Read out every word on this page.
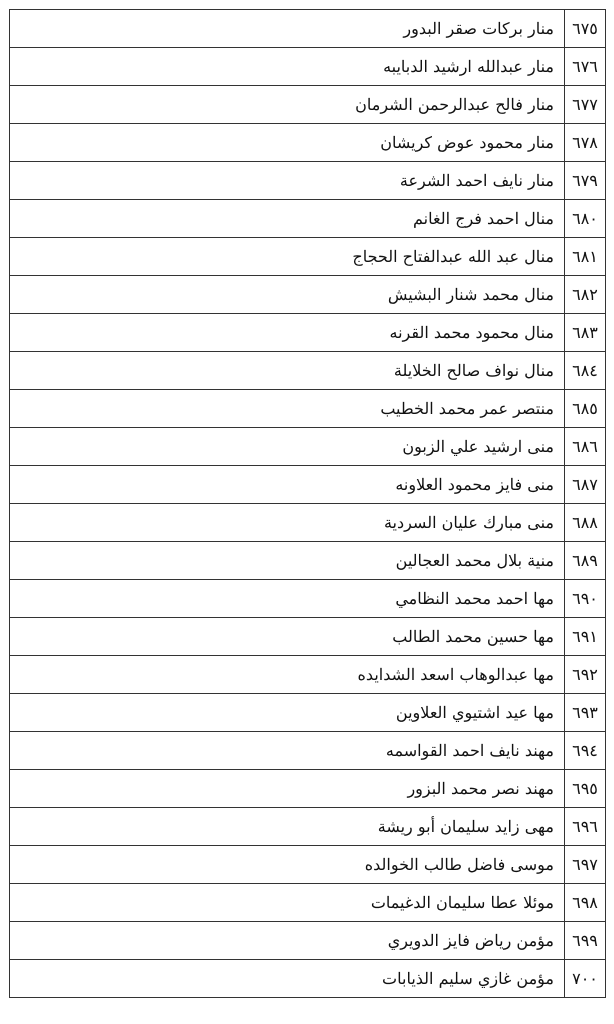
٦٧٥	منار بركات صقر البدور
٦٧٦	منار عبدالله ارشيد الدبايبه
٦٧٧	منار فالح عبدالرحمن الشرمان
٦٧٨	منار محمود عوض كريشان
٦٧٩	منار نايف احمد الشرعة
٦٨٠	منال احمد فرج الغانم
٦٨١	منال عبد الله عبدالفتاح الحجاج
٦٨٢	منال محمد شنار البشيش
٦٨٣	منال محمود محمد القرنه
٦٨٤	منال نواف صالح الخلايلة
٦٨٥	منتصر عمر محمد الخطيب
٦٨٦	منى ارشيد علي الزبون
٦٨٧	منى فايز محمود العلاونه
٦٨٨	منى مبارك عليان السردية
٦٨٩	منية بلال محمد العجالين
٦٩٠	مها احمد محمد النظامي
٦٩١	مها حسين محمد الطالب
٦٩٢	مها عبدالوهاب اسعد الشدايده
٦٩٣	مها عيد اشتيوي العلاوين
٦٩٤	مهند نايف احمد القواسمه
٦٩٥	مهند نصر محمد البزور
٦٩٦	مهى زايد سليمان أبو ريشة
٦٩٧	موسى فاضل طالب الخوالده
٦٩٨	موئلا عطا سليمان الدغيمات
٦٩٩	مؤمن رياض فايز الدويري
٧٠٠	مؤمن غازي سليم الذيابات
